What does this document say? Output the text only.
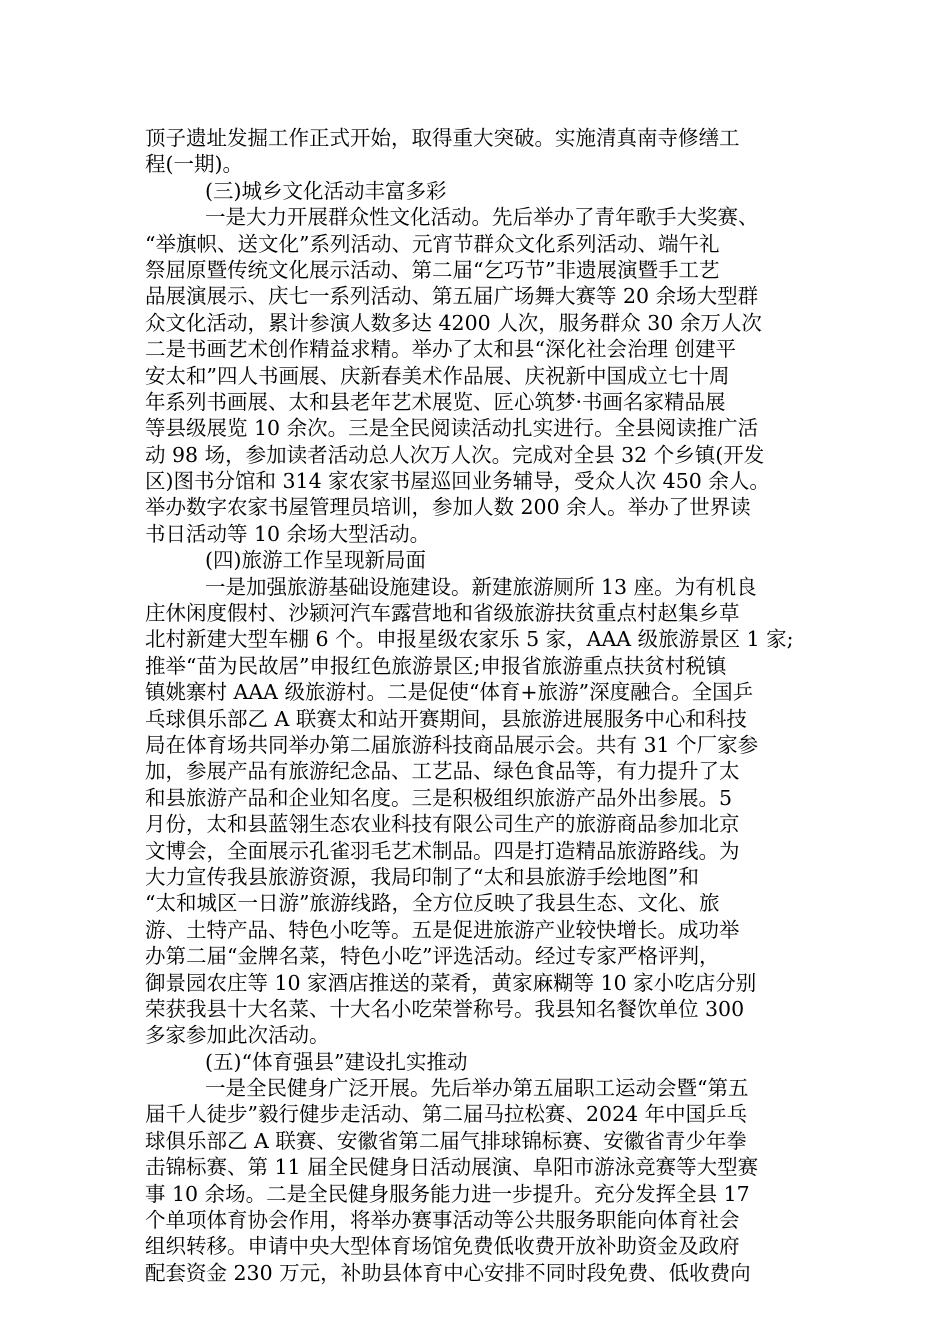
顶子遗址发掘工作正式开始，取得重大突破。实施清真南寺修缮工
程(一期)。
(三)城乡文化活动丰富多彩
一是大力开展群众性文化活动。先后举办了青年歌手大奖赛、
“举旗帜、送文化”系列活动、元宵节群众文化系列活动、端午礼
祭屈原暨传统文化展示活动、第二届“乞巧节”非遗展演暨手工艺
品展演展示、庆七一系列活动、第五届广场舞大赛等 20 余场大型群
众文化活动，累计参演人数多达 4200 人次，服务群众 30 余万人次
二是书画艺术创作精益求精。举办了太和县“深化社会治理 创建平
安太和”四人书画展、庆新春美术作品展、庆祝新中国成立七十周
年系列书画展、太和县老年艺术展览、匠心筑梦·书画名家精品展
等县级展览 10 余次。三是全民阅读活动扎实进行。全县阅读推广活
动 98 场，参加读者活动总人次万人次。完成对全县 32 个乡镇(开发
区)图书分馆和 314 家农家书屋巡回业务辅导，受众人次 450 余人。
举办数字农家书屋管理员培训，参加人数 200 余人。举办了世界读
书日活动等 10 余场大型活动。
(四)旅游工作呈现新局面
一是加强旅游基础设施建设。新建旅游厕所 13 座。为有机良
庄休闲度假村、沙颍河汽车露营地和省级旅游扶贫重点村赵集乡草
北村新建大型车棚 6 个。申报星级农家乐 5 家，AAA 级旅游景区 1 家;
推举“苗为民故居”申报红色旅游景区;申报省旅游重点扶贫村税镇
镇姚寨村 AAA 级旅游村。二是促使“体育+旅游”深度融合。全国乒
乓球俱乐部乙 A 联赛太和站开赛期间，县旅游进展服务中心和科技
局在体育场共同举办第二届旅游科技商品展示会。共有 31 个厂家参
加，参展产品有旅游纪念品、工艺品、绿色食品等，有力提升了太
和县旅游产品和企业知名度。三是积极组织旅游产品外出参展。5
月份，太和县蓝翎生态农业科技有限公司生产的旅游商品参加北京
文博会，全面展示孔雀羽毛艺术制品。四是打造精品旅游路线。为
大力宣传我县旅游资源，我局印制了“太和县旅游手绘地图”和
“太和城区一日游”旅游线路，全方位反映了我县生态、文化、旅
游、土特产品、特色小吃等。五是促进旅游产业较快增长。成功举
办第二届“金牌名菜，特色小吃”评选活动。经过专家严格评判，
御景园农庄等 10 家酒店推送的菜肴，黄家麻糊等 10 家小吃店分别
荣获我县十大名菜、十大名小吃荣誉称号。我县知名餐饮单位 300
多家参加此次活动。
(五)“体育强县”建设扎实推动
一是全民健身广泛开展。先后举办第五届职工运动会暨“第五
届千人徒步”毅行健步走活动、第二届马拉松赛、2024 年中国乒乓
球俱乐部乙 A 联赛、安徽省第二届气排球锦标赛、安徽省青少年拳
击锦标赛、第 11 届全民健身日活动展演、阜阳市游泳竞赛等大型赛
事 10 余场。二是全民健身服务能力进一步提升。充分发挥全县 17
个单项体育协会作用，将举办赛事活动等公共服务职能向体育社会
组织转移。申请中央大型体育场馆免费低收费开放补助资金及政府
配套资金 230 万元，补助县体育中心安排不同时段免费、低收费向
